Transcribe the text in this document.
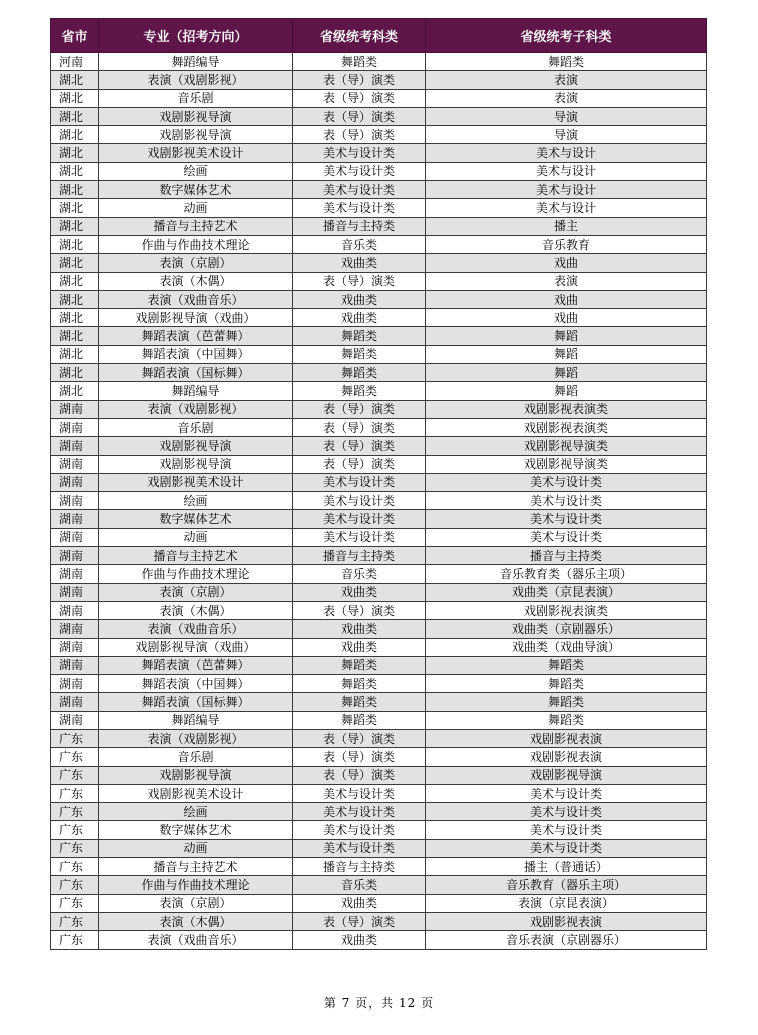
省市	专业（招考方向）	省级统考科类	省级统考子科类
河南	舞蹈编导	舞蹈类	舞蹈类
湖北	表演（戏剧影视）	表（导）演类	表演
湖北	音乐剧	表（导）演类	表演
湖北	戏剧影视导演	表（导）演类	导演
湖北	戏剧影视导演	表（导）演类	导演
湖北	戏剧影视美术设计	美术与设计类	美术与设计
湖北	绘画	美术与设计类	美术与设计
湖北	数字媒体艺术	美术与设计类	美术与设计
湖北	动画	美术与设计类	美术与设计
湖北	播音与主持艺术	播音与主持类	播主
湖北	作曲与作曲技术理论	音乐类	音乐教育
湖北	表演（京剧）	戏曲类	戏曲
湖北	表演（木偶）	表（导）演类	表演
湖北	表演（戏曲音乐）	戏曲类	戏曲
湖北	戏剧影视导演（戏曲）	戏曲类	戏曲
湖北	舞蹈表演（芭蕾舞）	舞蹈类	舞蹈
湖北	舞蹈表演（中国舞）	舞蹈类	舞蹈
湖北	舞蹈表演（国标舞）	舞蹈类	舞蹈
湖北	舞蹈编导	舞蹈类	舞蹈
湖南	表演（戏剧影视）	表（导）演类	戏剧影视表演类
湖南	音乐剧	表（导）演类	戏剧影视表演类
湖南	戏剧影视导演	表（导）演类	戏剧影视导演类
湖南	戏剧影视导演	表（导）演类	戏剧影视导演类
湖南	戏剧影视美术设计	美术与设计类	美术与设计类
湖南	绘画	美术与设计类	美术与设计类
湖南	数字媒体艺术	美术与设计类	美术与设计类
湖南	动画	美术与设计类	美术与设计类
湖南	播音与主持艺术	播音与主持类	播音与主持类
湖南	作曲与作曲技术理论	音乐类	音乐教育类（器乐主项）
湖南	表演（京剧）	戏曲类	戏曲类（京昆表演）
湖南	表演（木偶）	表（导）演类	戏剧影视表演类
湖南	表演（戏曲音乐）	戏曲类	戏曲类（京剧器乐）
湖南	戏剧影视导演（戏曲）	戏曲类	戏曲类（戏曲导演）
湖南	舞蹈表演（芭蕾舞）	舞蹈类	舞蹈类
湖南	舞蹈表演（中国舞）	舞蹈类	舞蹈类
湖南	舞蹈表演（国标舞）	舞蹈类	舞蹈类
湖南	舞蹈编导	舞蹈类	舞蹈类
广东	表演（戏剧影视）	表（导）演类	戏剧影视表演
广东	音乐剧	表（导）演类	戏剧影视表演
广东	戏剧影视导演	表（导）演类	戏剧影视导演
广东	戏剧影视美术设计	美术与设计类	美术与设计类
广东	绘画	美术与设计类	美术与设计类
广东	数字媒体艺术	美术与设计类	美术与设计类
广东	动画	美术与设计类	美术与设计类
广东	播音与主持艺术	播音与主持类	播主（普通话）
广东	作曲与作曲技术理论	音乐类	音乐教育（器乐主项）
广东	表演（京剧）	戏曲类	表演（京昆表演）
广东	表演（木偶）	表（导）演类	戏剧影视表演
广东	表演（戏曲音乐）	戏曲类	音乐表演（京剧器乐）
第 7 页，共 12 页
